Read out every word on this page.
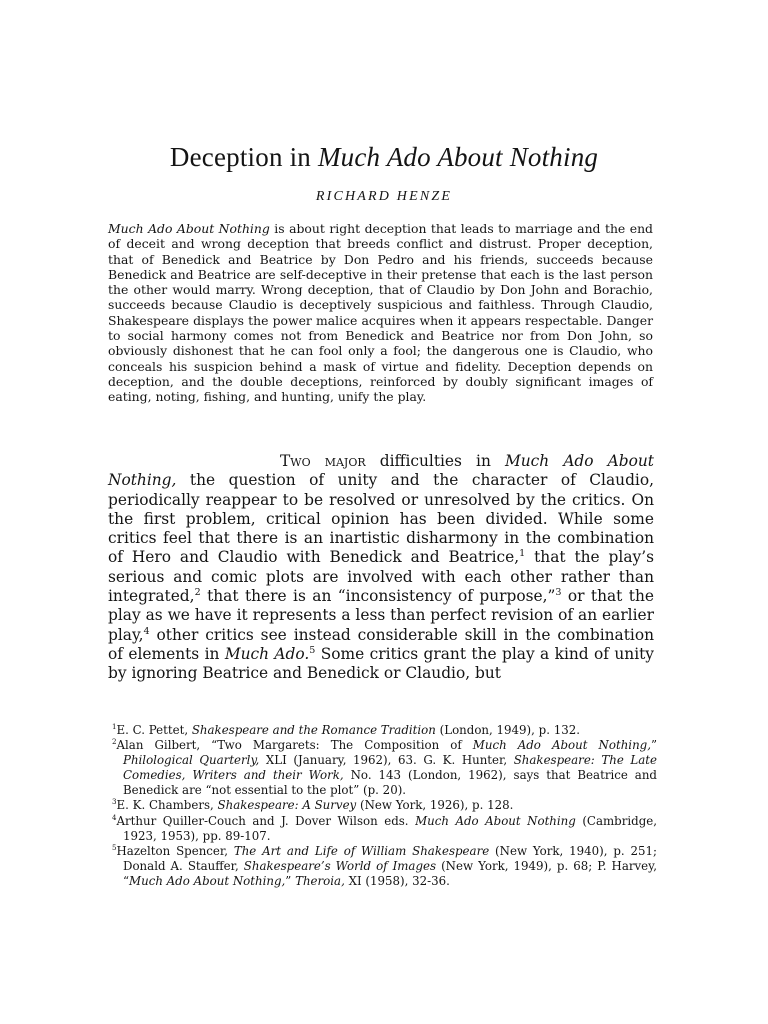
Deception in Much Ado About Nothing
RICHARD HENZE

Much Ado About Nothing is about right deception that leads to marriage and the end of deceit and wrong deception that breeds conflict and distrust. Proper deception, that of Benedick and Beatrice by Don Pedro and his friends, succeeds because Benedick and Beatrice are self-deceptive in their pretense that each is the last person the other would marry. Wrong deception, that of Claudio by Don John and Borachio, succeeds because Claudio is deceptively suspicious and faithless. Through Claudio, Shakespeare displays the power malice acquires when it appears respectable. Danger to social harmony comes not from Benedick and Beatrice nor from Don John, so obviously dishonest that he can fool only a fool; the dangerous one is Claudio, who conceals his suspicion behind a mask of virtue and fidelity. Deception depends on deception, and the double deceptions, reinforced by doubly significant images of eating, noting, fishing, and hunting, unify the play.

Two major difficulties in Much Ado About Nothing, the question of unity and the character of Claudio, periodically reappear to be resolved or unresolved by the critics. On the first problem, critical opinion has been divided. While some critics feel that there is an inartistic disharmony in the combination of Hero and Claudio with Benedick and Beatrice,$^1$ that the play’s serious and comic plots are involved with each other rather than integrated,$^2$ that there is an “inconsistency of purpose,”$^3$ or that the play as we have it represents a less than perfect revision of an earlier play,$^4$ other critics see instead considerable skill in the combination of elements in Much Ado.$^5$ Some critics grant the play a kind of unity by ignoring Beatrice and Benedick or Claudio, but

$^1$E. C. Pettet, Shakespeare and the Romance Tradition (London, 1949), p. 132.
$^2$Alan Gilbert, “Two Margarets: The Composition of Much Ado About Nothing,” Philological Quarterly, XLI (January, 1962), 63. G. K. Hunter, Shakespeare: The Late Comedies, Writers and their Work, No. 143 (London, 1962), says that Beatrice and Benedick are “not essential to the plot” (p. 20).
$^3$E. K. Chambers, Shakespeare: A Survey (New York, 1926), p. 128.
$^4$Arthur Quiller-Couch and J. Dover Wilson eds. Much Ado About Nothing (Cambridge, 1923, 1953), pp. 89-107.
$^5$Hazelton Spencer, The Art and Life of William Shakespeare (New York, 1940), p. 251; Donald A. Stauffer, Shakespeare’s World of Images (New York, 1949), p. 68; P. Harvey, “Much Ado About Nothing,” Theroia, XI (1958), 32-36.
